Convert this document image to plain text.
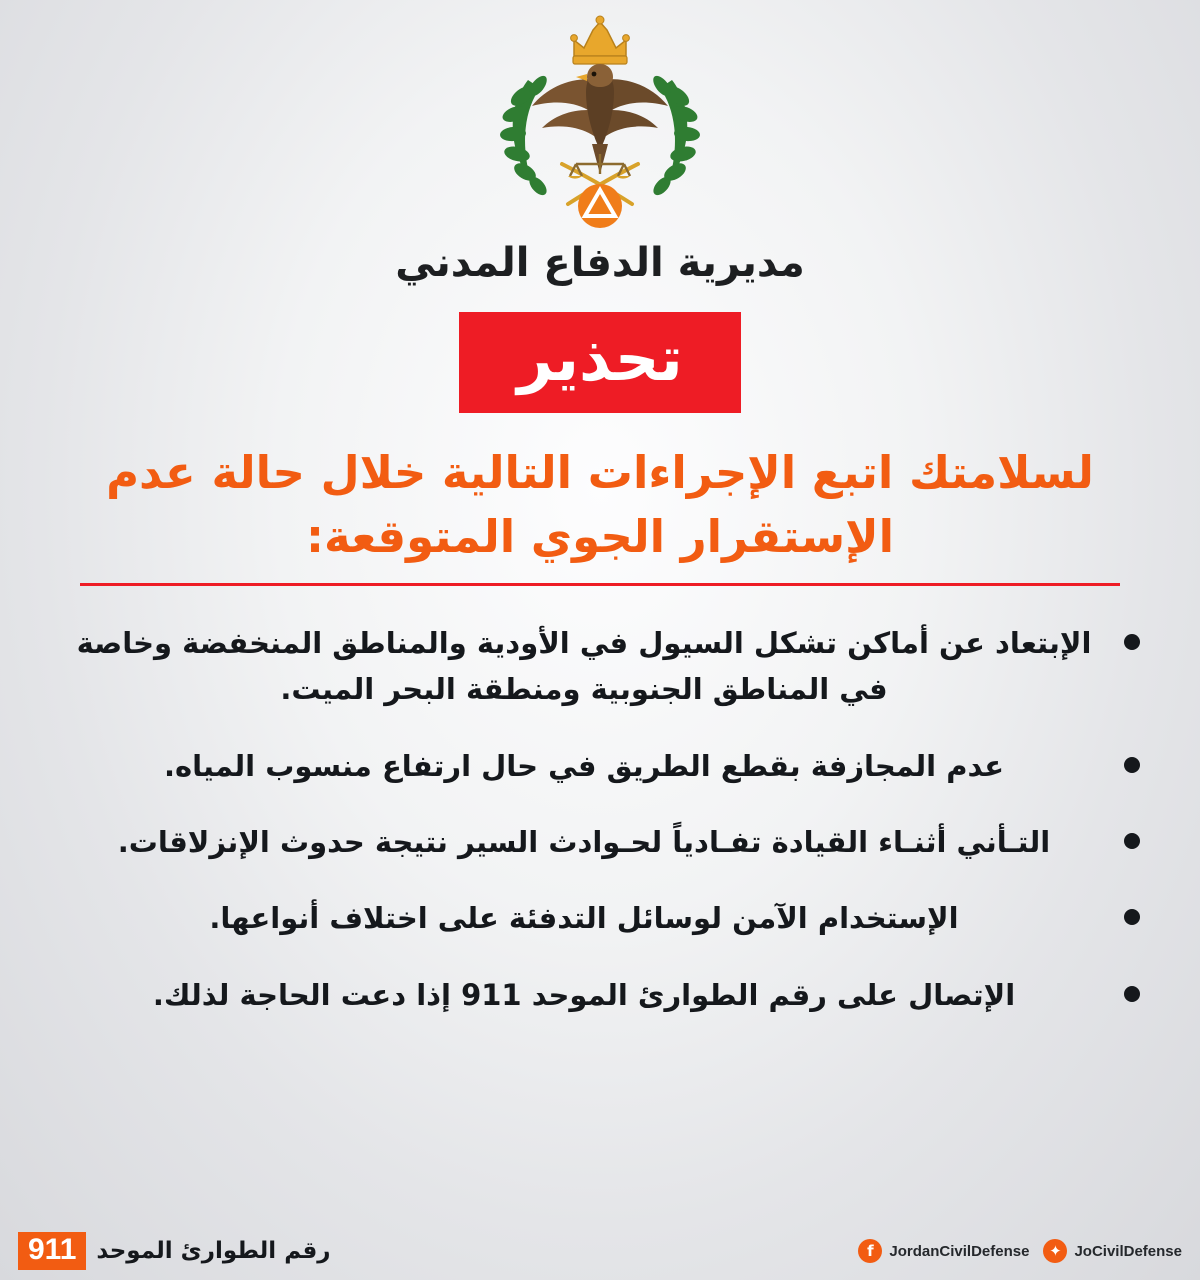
مديرية الدفاع المدني
تحذير
لسلامتك اتبع الإجراءات التالية خلال حالة عدم الإستقرار الجوي المتوقعة:
الإبتعاد عن أماكن تشكل السيول في الأودية والمناطق المنخفضة وخاصة في المناطق الجنوبية ومنطقة البحر الميت.
عدم المجازفة بقطع الطريق في حال ارتفاع منسوب المياه.
التـأني أثنـاء القيادة تفـادياً لحـوادث السير نتيجة حدوث الإنزلاقات.
الإستخدام الآمن لوسائل التدفئة على اختلاف أنواعها.
الإتصال على رقم الطوارئ الموحد 911 إذا دعت الحاجة لذلك.
f	JordanCivilDefense	✦ JoCivilDefense
رقم الطوارئ الموحد
911
